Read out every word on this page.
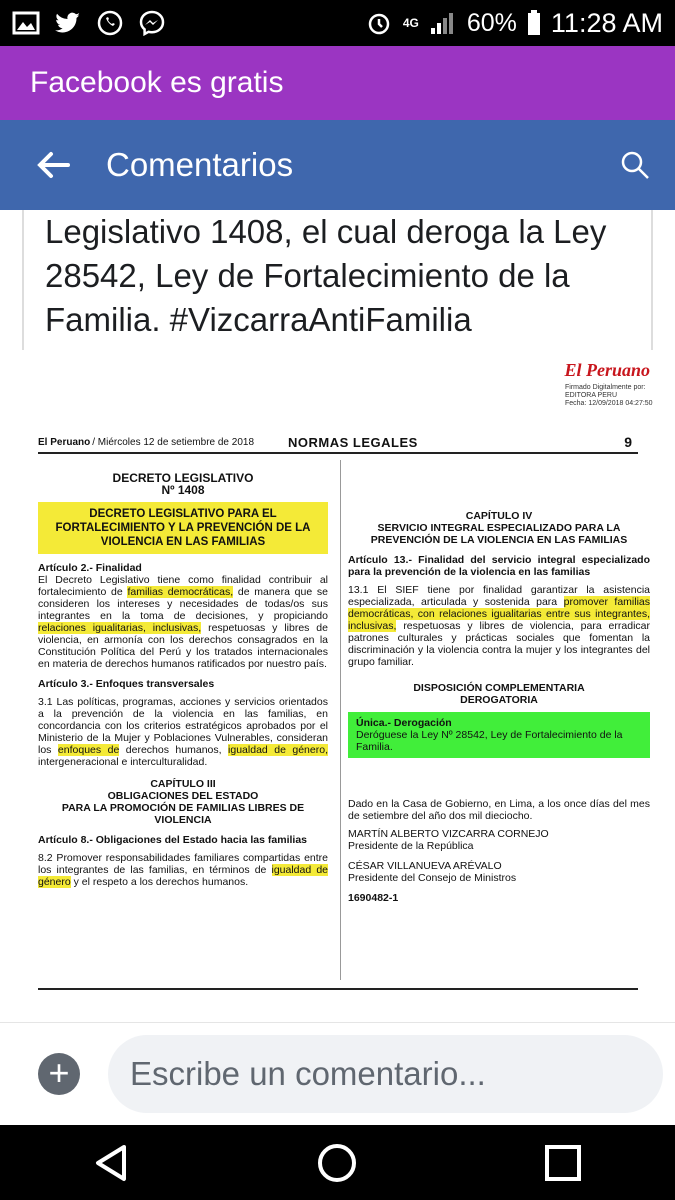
4G 60% 11:28 AM
Facebook es gratis
Comentarios
Legislativo 1408, el cual deroga la Ley 28542, Ley de Fortalecimiento de la Familia. #VizcarraAntiFamilia
El Peruano
Firmado Digitalmente por:
EDITORA PERU
Fecha: 12/09/2018 04:27:50
El Peruano / Miércoles 12 de setiembre de 2018	NORMAS LEGALES	9
DECRETO LEGISLATIVO
Nº 1408
DECRETO LEGISLATIVO PARA EL FORTALECIMIENTO Y LA PREVENCIÓN DE LA VIOLENCIA EN LAS FAMILIAS

Artículo 2.- Finalidad
El Decreto Legislativo tiene como finalidad contribuir al fortalecimiento de familias democráticas, de manera que se consideren los intereses y necesidades de todas/os sus integrantes en la toma de decisiones, y propiciando relaciones igualitarias, inclusivas, respetuosas y libres de violencia, en armonía con los derechos consagrados en la Constitución Política del Perú y los tratados internacionales en materia de derechos humanos ratificados por nuestro país.

Artículo 3.- Enfoques transversales

3.1 Las políticas, programas, acciones y servicios orientados a la prevención de la violencia en las familias, en concordancia con los criterios estratégicos aprobados por el Ministerio de la Mujer y Poblaciones Vulnerables, consideran los enfoques de derechos humanos, igualdad de género, intergeneracional e interculturalidad.

CAPÍTULO III
OBLIGACIONES DEL ESTADO
PARA LA PROMOCIÓN DE FAMILIAS LIBRES DE VIOLENCIA

Artículo 8.- Obligaciones del Estado hacia las familias

8.2 Promover responsabilidades familiares compartidas entre los integrantes de las familias, en términos de igualdad de género y el respeto a los derechos humanos.

CAPÍTULO IV
SERVICIO INTEGRAL ESPECIALIZADO PARA LA PREVENCIÓN DE LA VIOLENCIA EN LAS FAMILIAS

Artículo 13.- Finalidad del servicio integral especializado para la prevención de la violencia en las familias

13.1 El SIEF tiene por finalidad garantizar la asistencia especializada, articulada y sostenida para promover familias democráticas, con relaciones igualitarias entre sus integrantes, inclusivas, respetuosas y libres de violencia, para erradicar patrones culturales y prácticas sociales que fomentan la discriminación y la violencia contra la mujer y los integrantes del grupo familiar.

DISPOSICIÓN COMPLEMENTARIA DEROGATORIA
Única.- Derogación
Deróguese la Ley Nº 28542, Ley de Fortalecimiento de la Familia.

Dado en la Casa de Gobierno, en Lima, a los once días del mes de setiembre del año dos mil dieciocho.

MARTÍN ALBERTO VIZCARRA CORNEJO
Presidente de la República
CÉSAR VILLANUEVA ARÉVALO
Presidente del Consejo de Ministros
1690482-1
+	Escribe un comentario...
